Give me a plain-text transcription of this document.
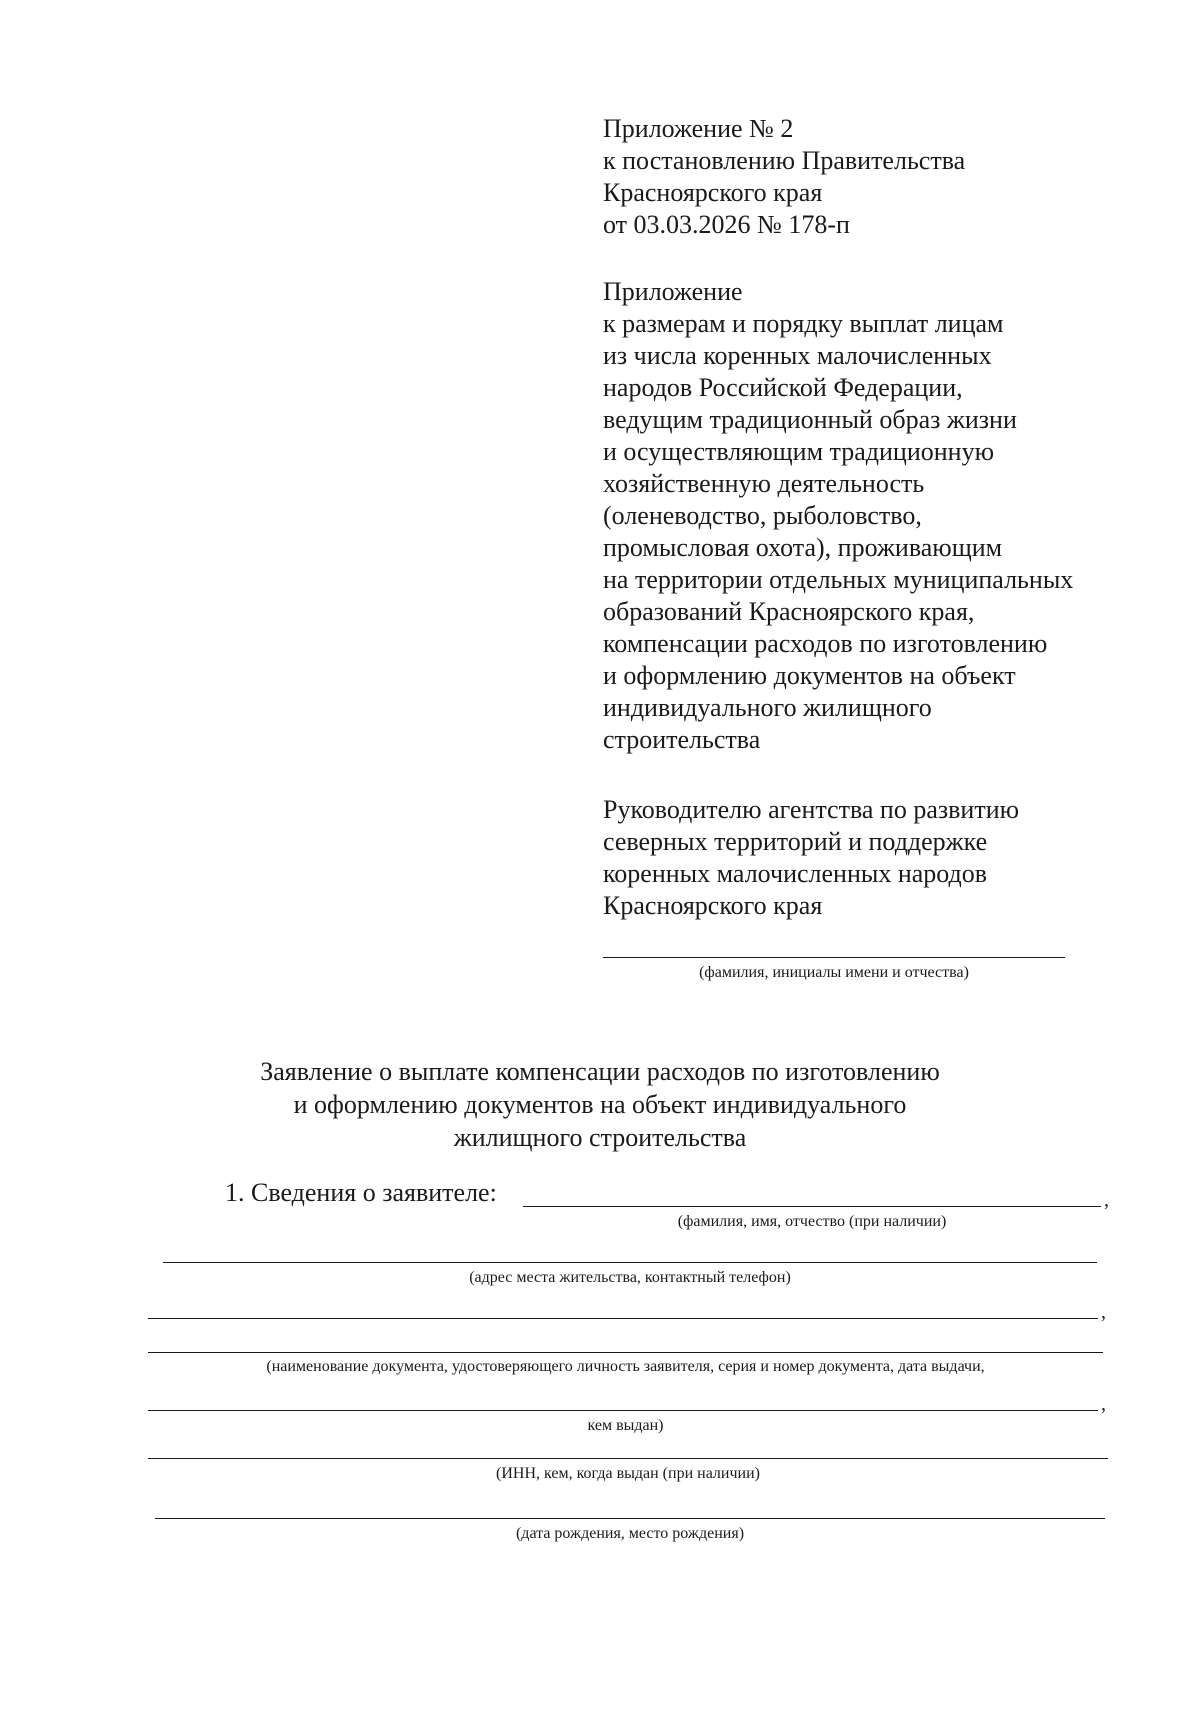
Приложение № 2
к постановлению Правительства
Красноярского края
от 03.03.2026 № 178-п
Приложение
к размерам и порядку выплат лицам
из числа коренных малочисленных
народов Российской Федерации,
ведущим традиционный образ жизни
и осуществляющим традиционную
хозяйственную деятельность
(оленеводство, рыболовство,
промысловая охота), проживающим
на территории отдельных муниципальных
образований Красноярского края,
компенсации расходов по изготовлению
и оформлению документов на объект
индивидуального жилищного
строительства
Руководителю агентства по развитию
северных территорий и поддержке
коренных малочисленных народов
Красноярского края
(фамилия, инициалы имени и отчества)
Заявление о выплате компенсации расходов по изготовлению
и оформлению документов на объект индивидуального
жилищного строительства
1. Сведения о заявителе:	,
(фамилия, имя, отчество (при наличии)
(адрес места жительства, контактный телефон)
,
(наименование документа, удостоверяющего личность заявителя, серия и номер документа, дата выдачи,
,
кем выдан)
(ИНН, кем, когда выдан (при наличии)
(дата рождения, место рождения)
